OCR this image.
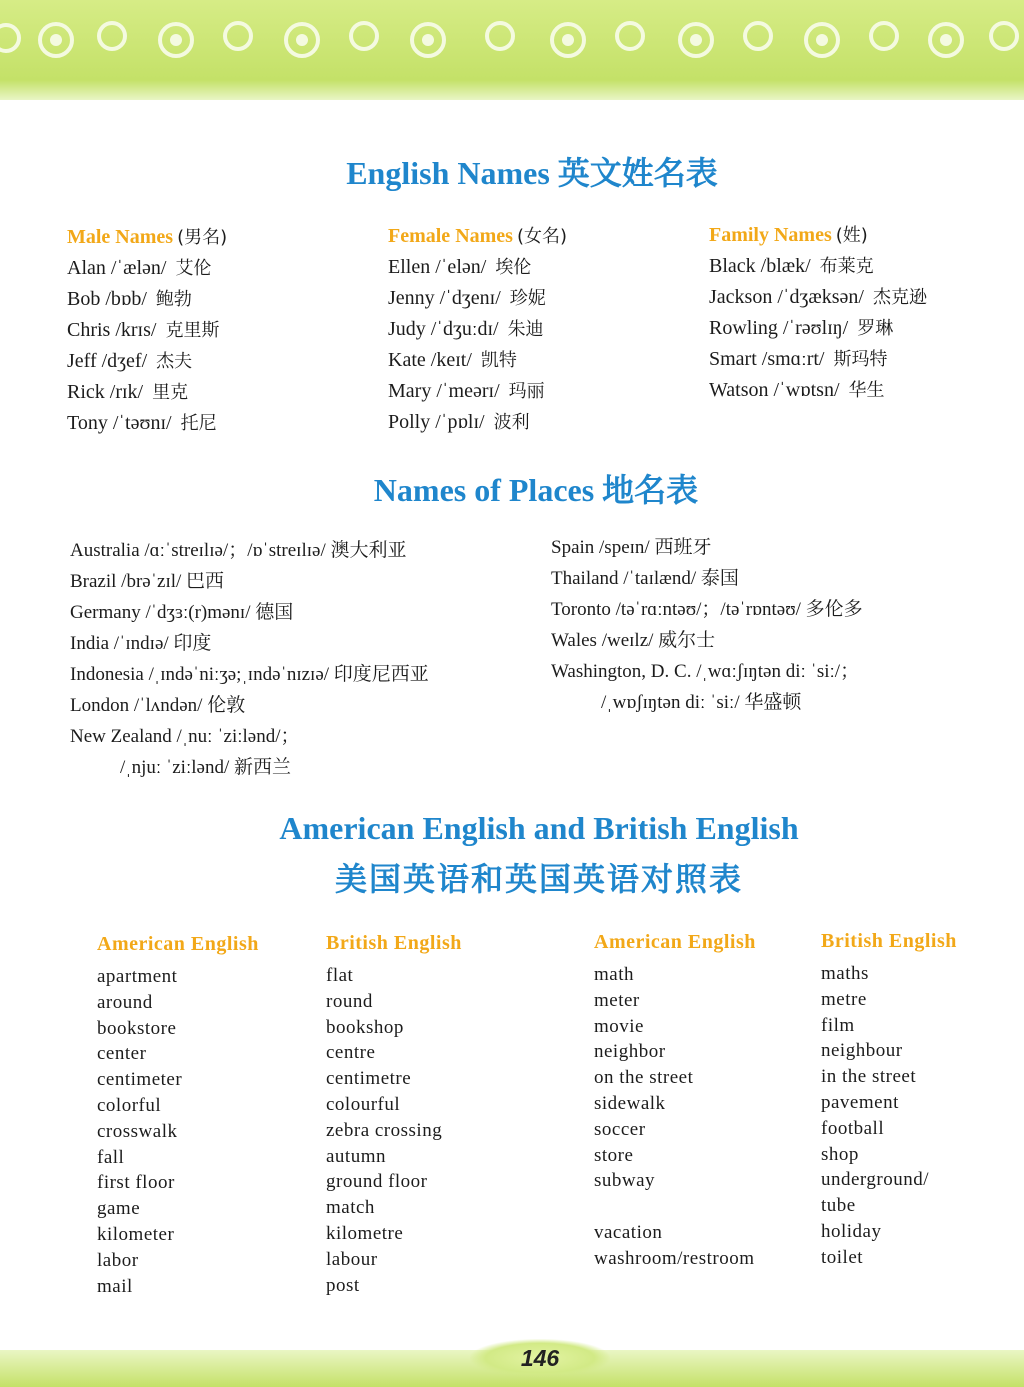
English Names 英文姓名表
Male Names (男名)
Alan /ˈælən/ 艾伦
Bob /bɒb/ 鲍勃
Chris /krɪs/ 克里斯
Jeff /dʒef/ 杰夫
Rick /rɪk/ 里克
Tony /ˈtəʊnɪ/ 托尼
Female Names (女名)
Ellen /ˈelən/ 埃伦
Jenny /ˈdʒenɪ/ 珍妮
Judy /ˈdʒuːdɪ/ 朱迪
Kate /keɪt/ 凯特
Mary /ˈmeərɪ/ 玛丽
Polly /ˈpɒlɪ/ 波利
Family Names (姓)
Black /blæk/ 布莱克
Jackson /ˈdʒæksən/ 杰克逊
Rowling /ˈrəʊlɪŋ/ 罗琳
Smart /smɑːrt/ 斯玛特
Watson /ˈwɒtsn/ 华生
Names of Places 地名表
Australia /ɑːˈstreɪlɪə/；/ɒˈstreɪlɪə/ 澳大利亚
Brazil /brəˈzɪl/ 巴西
Germany /ˈdʒɜː(r)mənɪ/ 德国
India /ˈɪndɪə/ 印度
Indonesia /ˌɪndəˈniːʒə;ˌɪndəˈnɪzɪə/ 印度尼西亚
London /ˈlʌndən/ 伦敦
New Zealand /ˌnuː ˈziːlənd/；
/ˌnjuː ˈziːlənd/ 新西兰
Spain /speɪn/ 西班牙
Thailand /ˈtaɪlænd/ 泰国
Toronto /təˈrɑːntəʊ/；/təˈrɒntəʊ/ 多伦多
Wales /weɪlz/ 威尔士
Washington, D. C. /ˌwɑːʃɪŋtən diː ˈsiː/；
/ˌwɒʃɪŋtən diː ˈsiː/ 华盛顿
American English and British English
美国英语和英国英语对照表
American English
apartment
around
bookstore
center
centimeter
colorful
crosswalk
fall
first floor
game
kilometer
labor
mail
British English
flat
round
bookshop
centre
centimetre
colourful
zebra crossing
autumn
ground floor
match
kilometre
labour
post
American English
math
meter
movie
neighbor
on the street
sidewalk
soccer
store
subway
vacation
washroom/restroom
British English
maths
metre
film
neighbour
in the street
pavement
football
shop
underground/
tube
holiday
toilet
146
